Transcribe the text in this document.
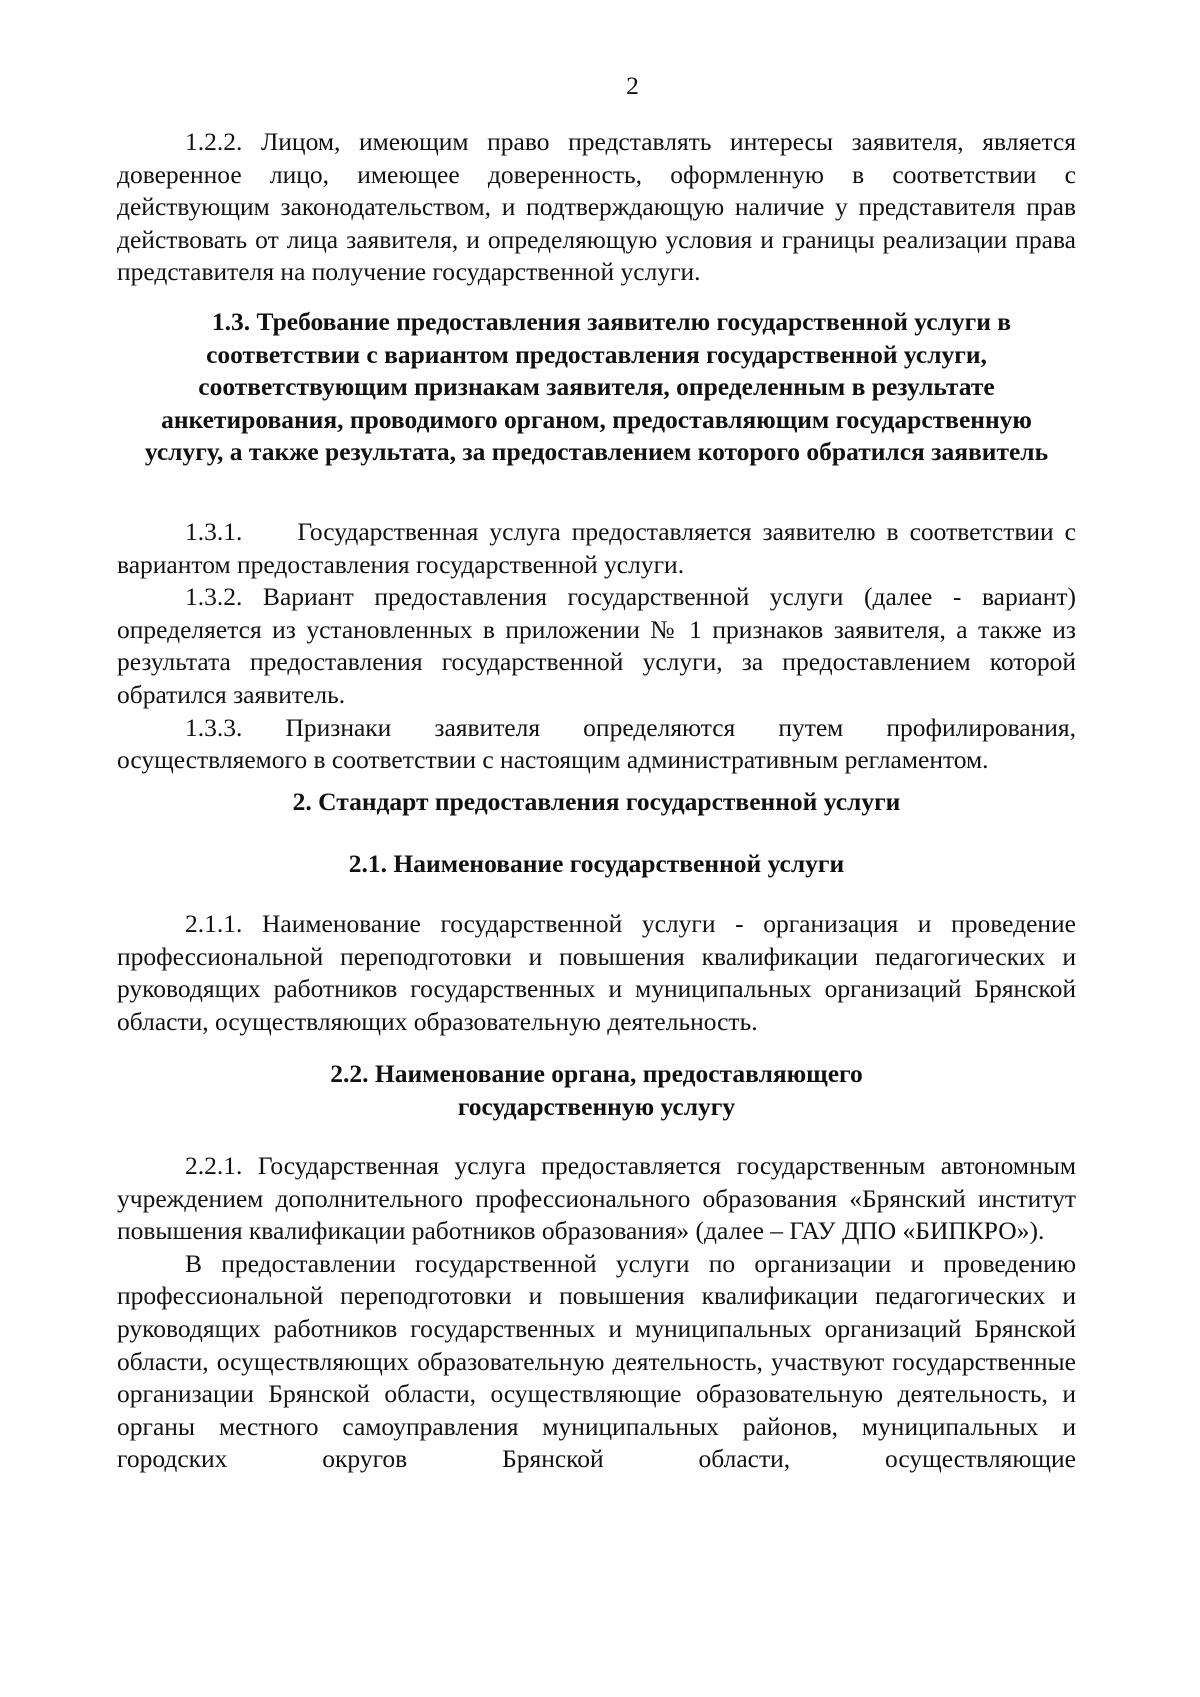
2

1.2.2. Лицом, имеющим право представлять интересы заявителя, является доверенное лицо, имеющее доверенность, оформленную в соответствии с действующим законодательством, и подтверждающую наличие у представителя прав действовать от лица заявителя, и определяющую условия и границы реализации права представителя на получение государственной услуги.

1.3. Требование предоставления заявителю государственной услуги в
соответствии с вариантом предоставления государственной услуги,
соответствующим признакам заявителя, определенным в результате
анкетирования, проводимого органом, предоставляющим государственную
услугу, а также результата, за предоставлением которого обратился заявитель

1.3.1.     Государственная услуга предоставляется заявителю в соответствии с вариантом предоставления государственной услуги.

1.3.2. Вариант предоставления государственной услуги (далее - вариант) определяется из установленных в приложении № 1 признаков заявителя, а также из результата предоставления государственной услуги, за предоставлением которой обратился заявитель.

1.3.3. Признаки заявителя определяются путем профилирования, осуществляемого в соответствии с настоящим административным регламентом.

2. Стандарт предоставления государственной услуги
2.1. Наименование государственной услуги

2.1.1. Наименование государственной услуги - организация и проведение профессиональной переподготовки и повышения квалификации педагогических и руководящих работников государственных и муниципальных организаций Брянской области, осуществляющих образовательную деятельность.

2.2. Наименование органа, предоставляющего
государственную услугу

2.2.1. Государственная услуга предоставляется государственным автономным учреждением дополнительного профессионального образования «Брянский институт повышения квалификации работников образования» (далее – ГАУ ДПО «БИПКРО»).

В предоставлении государственной услуги по организации и проведению профессиональной переподготовки и повышения квалификации педагогических и руководящих работников государственных и муниципальных организаций Брянской области, осуществляющих образовательную деятельность, участвуют государственные организации Брянской области, осуществляющие образовательную деятельность, и органы местного самоуправления муниципальных районов, муниципальных и городских округов Брянской области, осуществляющие
